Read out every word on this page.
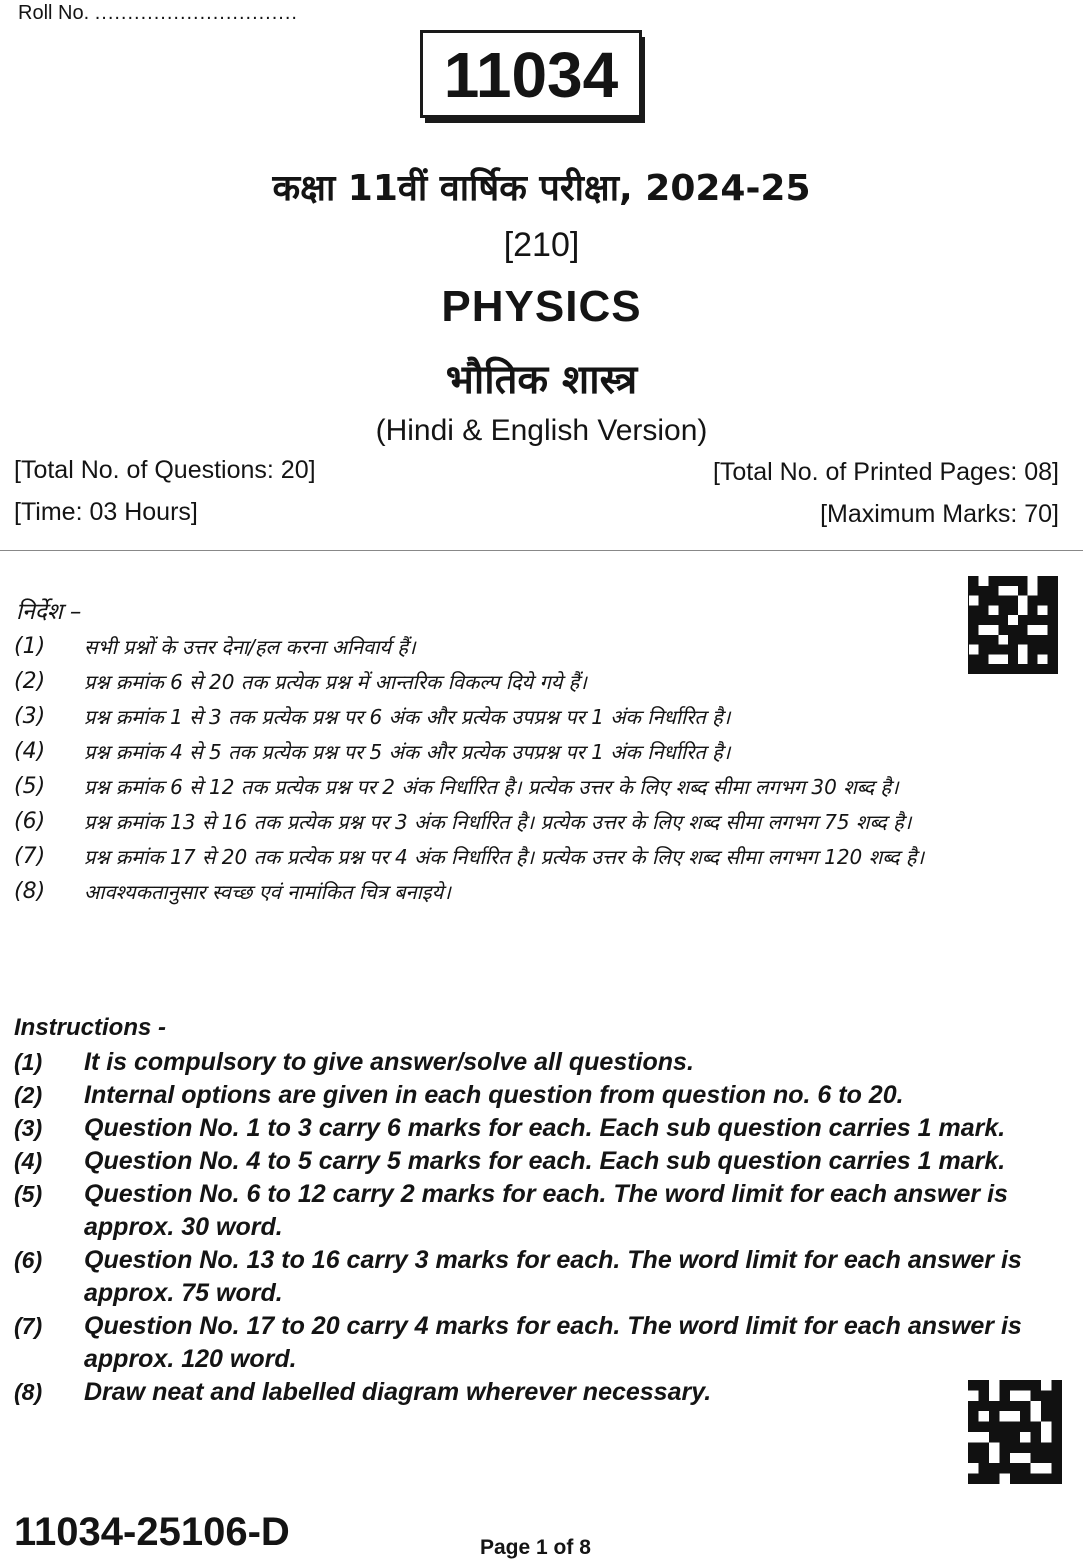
Roll No. ...............................
11034
कक्षा 11वीं वार्षिक परीक्षा, 2024-25
[210]
PHYSICS
भौतिक शास्त्र
(Hindi & English Version)
[Total No. of Questions: 20]	[Total No. of Printed Pages: 08]
[Time: 03 Hours]	[Maximum Marks: 70]
निर्देश –
(1)	सभी प्रश्नों के उत्तर देना/हल करना अनिवार्य हैं।
(2)	प्रश्न क्रमांक 6 से 20 तक प्रत्येक प्रश्न में आन्तरिक विकल्प दिये गये हैं।
(3)	प्रश्न क्रमांक 1 से 3 तक प्रत्येक प्रश्न पर 6 अंक और प्रत्येक उपप्रश्न पर 1 अंक निर्धारित है।
(4)	प्रश्न क्रमांक 4 से 5 तक प्रत्येक प्रश्न पर 5 अंक और प्रत्येक उपप्रश्न पर 1 अंक निर्धारित है।
(5)	प्रश्न क्रमांक 6 से 12 तक प्रत्येक प्रश्न पर 2 अंक निर्धारित है। प्रत्येक उत्तर के लिए शब्द सीमा लगभग 30 शब्द है।
(6)	प्रश्न क्रमांक 13 से 16 तक प्रत्येक प्रश्न पर 3 अंक निर्धारित है। प्रत्येक उत्तर के लिए शब्द सीमा लगभग 75 शब्द है।
(7)	प्रश्न क्रमांक 17 से 20 तक प्रत्येक प्रश्न पर 4 अंक निर्धारित है। प्रत्येक उत्तर के लिए शब्द सीमा लगभग 120 शब्द है।
(8)	आवश्यकतानुसार स्वच्छ एवं नामांकित चित्र बनाइये।
Instructions -
(1)	It is compulsory to give answer/solve all questions.
(2)	Internal options are given in each question from question no. 6 to 20.
(3)	Question No. 1 to 3 carry 6 marks for each. Each sub question carries 1 mark.
(4)	Question No. 4 to 5 carry 5 marks for each. Each sub question carries 1 mark.
(5)	Question No. 6 to 12 carry 2 marks for each. The word limit for each answer is approx. 30 word.
(6)	Question No. 13 to 16 carry 3 marks for each. The word limit for each answer is approx. 75 word.
(7)	Question No. 17 to 20 carry 4 marks for each. The word limit for each answer is approx. 120 word.
(8)	Draw neat and labelled diagram wherever necessary.
11034-25106-D	Page 1 of 8
